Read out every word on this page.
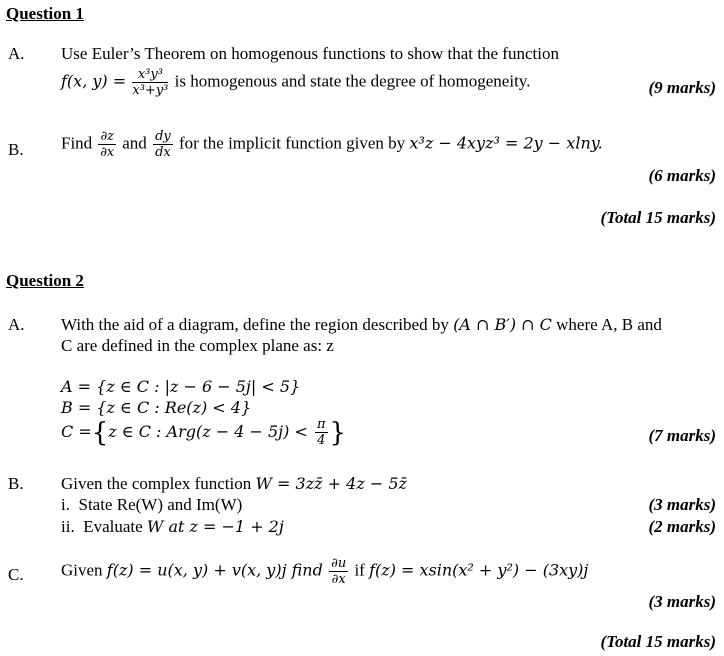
Question 1
A. Use Euler’s Theorem on homogenous functions to show that the function
f(x, $y) = \frac{\text{x³y³}}{\text{x³+y³}}$ is homogenous and state the degree of homogeneity.	(9 marks)
B. Find $\frac{\partial z}{\partial x}$ and $\frac{dy}{dx}$ for the implicit function given by x³z − 4xyz³ = 2y − xlny.
(6 marks)
(Total 15 marks)
Question 2
A. With the aid of a diagram, define the region described by (A ∩ B′) ∩ C where A, B and
C are defined in the complex plane as: z
A = {z ∈ C : |z − 6 − 5j| < 5}
B = {z ∈ C : Re(z) < 4}
C ={z ∈ C : $Arg(z - 4 - 5j) < \frac{\pi}{4}$ }	(7 marks)
B. Given the complex function W = 3zz̄ + 4z − 5z̄
i. State Re(W) and Im(W)	(3 marks)
ii. Evaluate W at z = −1 + 2j	(2 marks)
C. Given f(z) = u(x, y) + v(x, y)j find $\frac{\partial u}{\partial x}$ if f(z) = xsin(x² + y²) − (3xy)j
(3 marks)
(Total 15 marks)
